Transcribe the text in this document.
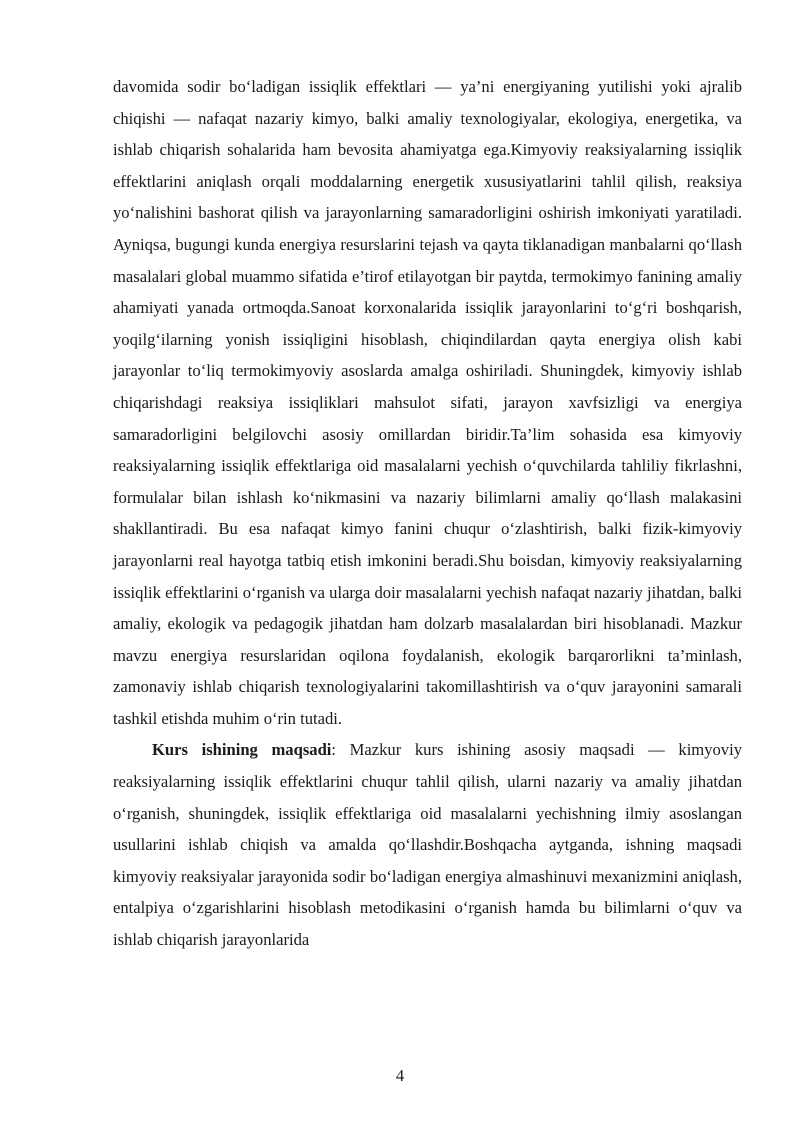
davomida sodir bo‘ladigan issiqlik effektlari — ya’ni energiyaning yutilishi yoki ajralib chiqishi — nafaqat nazariy kimyo, balki amaliy texnologiyalar, ekologiya, energetika, va ishlab chiqarish sohalarida ham bevosita ahamiyatga ega.Kimyoviy reaksiyalarning issiqlik effektlarini aniqlash orqali moddalarning energetik xususiyatlarini tahlil qilish, reaksiya yo‘nalishini bashorat qilish va jarayonlarning samaradorligini oshirish imkoniyati yaratiladi. Ayniqsa, bugungi kunda energiya resurslarini tejash va qayta tiklanadigan manbalarni qo‘llash masalalari global muammo sifatida e’tirof etilayotgan bir paytda, termokimyo fanining amaliy ahamiyati yanada ortmoqda.Sanoat korxonalarida issiqlik jarayonlarini to‘g‘ri boshqarish, yoqilg‘ilarning yonish issiqligini hisoblash, chiqindilardan qayta energiya olish kabi jarayonlar to‘liq termokimyoviy asoslarda amalga oshiriladi. Shuningdek, kimyoviy ishlab chiqarishdagi reaksiya issiqliklari mahsulot sifati, jarayon xavfsizligi va energiya samaradorligini belgilovchi asosiy omillardan biridir.Ta’lim sohasida esa kimyoviy reaksiyalarning issiqlik effektlariga oid masalalarni yechish o‘quvchilarda tahliliy fikrlashni, formulalar bilan ishlash ko‘nikmasini va nazariy bilimlarni amaliy qo‘llash malakasini shakllantiradi. Bu esa nafaqat kimyo fanini chuqur o‘zlashtirish, balki fizik-kimyoviy jarayonlarni real hayotga tatbiq etish imkonini beradi.Shu boisdan, kimyoviy reaksiyalarning issiqlik effektlarini o‘rganish va ularga doir masalalarni yechish nafaqat nazariy jihatdan, balki amaliy, ekologik va pedagogik jihatdan ham dolzarb masalalardan biri hisoblanadi. Mazkur mavzu energiya resurslaridan oqilona foydalanish, ekologik barqarorlikni ta’minlash, zamonaviy ishlab chiqarish texnologiyalarini takomillashtirish va o‘quv jarayonini samarali tashkil etishda muhim o‘rin tutadi.

Kurs ishining maqsadi: Mazkur kurs ishining asosiy maqsadi — kimyoviy reaksiyalarning issiqlik effektlarini chuqur tahlil qilish, ularni nazariy va amaliy jihatdan o‘rganish, shuningdek, issiqlik effektlariga oid masalalarni yechishning ilmiy asoslangan usullarini ishlab chiqish va amalda qo‘llashdir.Boshqacha aytganda, ishning maqsadi kimyoviy reaksiyalar jarayonida sodir bo‘ladigan energiya almashinuvi mexanizmini aniqlash, entalpiya o‘zgarishlarini hisoblash metodikasini o‘rganish hamda bu bilimlarni o‘quv va ishlab chiqarish jarayonlarida

4
